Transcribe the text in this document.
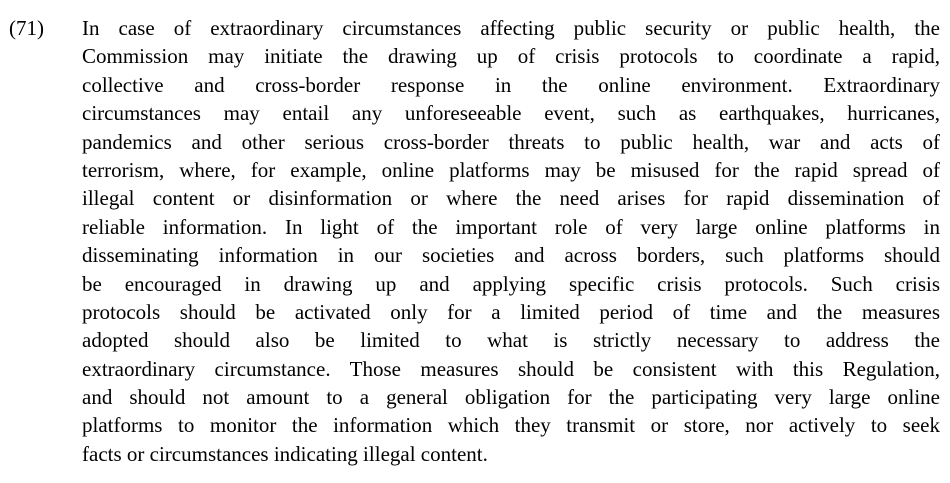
(71) In case of extraordinary circumstances affecting public security or public health, the
Commission may initiate the drawing up of crisis protocols to coordinate a rapid,
collective and cross-border response in the online environment. Extraordinary
circumstances may entail any unforeseeable event, such as earthquakes, hurricanes,
pandemics and other serious cross-border threats to public health, war and acts of
terrorism, where, for example, online platforms may be misused for the rapid spread of
illegal content or disinformation or where the need arises for rapid dissemination of
reliable information. In light of the important role of very large online platforms in
disseminating information in our societies and across borders, such platforms should
be encouraged in drawing up and applying specific crisis protocols. Such crisis
protocols should be activated only for a limited period of time and the measures
adopted should also be limited to what is strictly necessary to address the
extraordinary circumstance. Those measures should be consistent with this Regulation,
and should not amount to a general obligation for the participating very large online
platforms to monitor the information which they transmit or store, nor actively to seek
facts or circumstances indicating illegal content.
